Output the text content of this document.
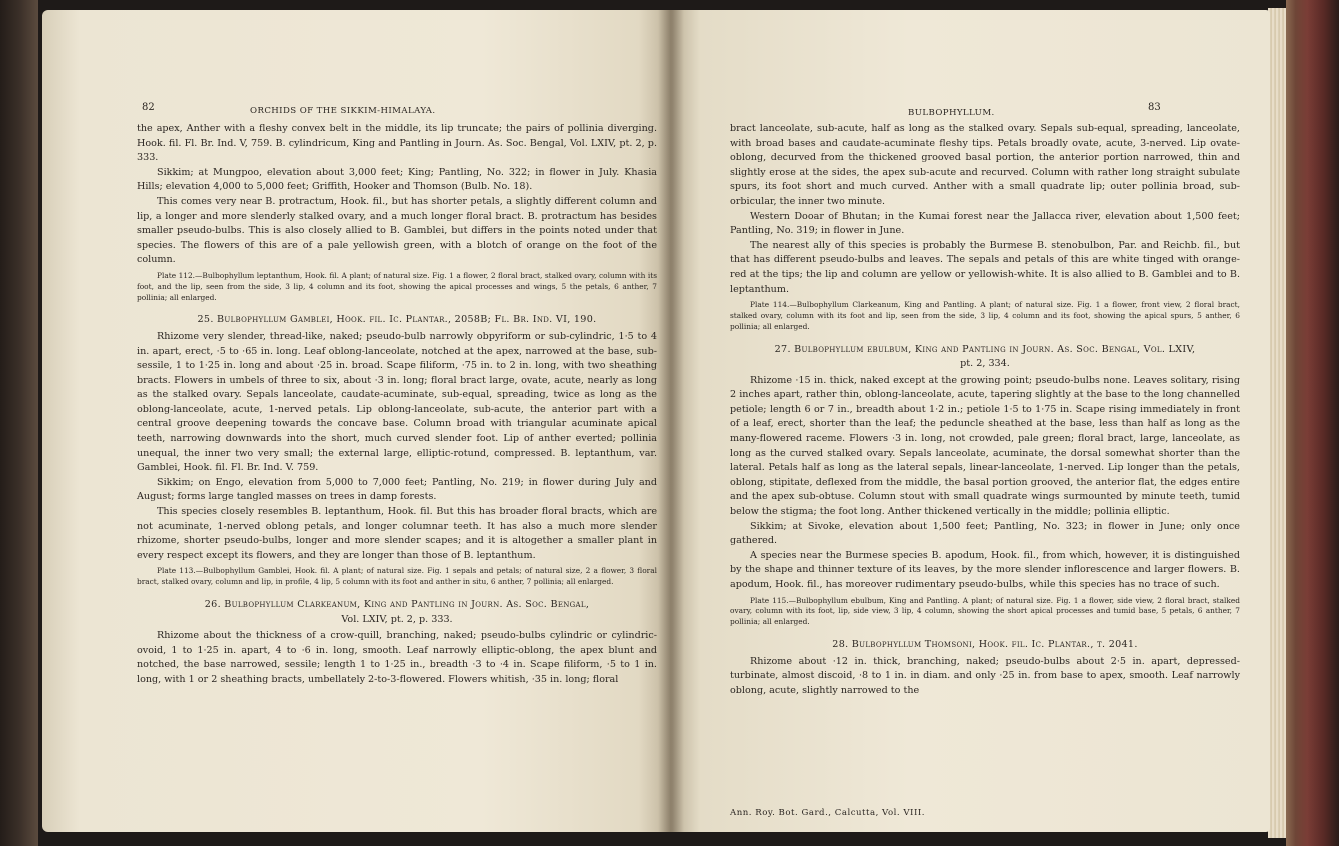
82	ORCHIDS OF THE SIKKIM-HIMALAYA.

the apex, Anther with a fleshy convex belt in the middle, its lip truncate; the pairs of pollinia diverging. Hook. fil. Fl. Br. Ind. V, 759. B. cylindricum, King and Pantling in Journ. As. Soc. Bengal, Vol. LXIV, pt. 2, p. 333.

Sikkim; at Mungpoo, elevation about 3,000 feet; King; Pantling, No. 322; in flower in July. Khasia Hills; elevation 4,000 to 5,000 feet; Griffith, Hooker and Thomson (Bulb. No. 18).

This comes very near B. protractum, Hook. fil., but has shorter petals, a slightly different column and lip, a longer and more slenderly stalked ovary, and a much longer floral bract. B. protractum has besides smaller pseudo-bulbs. This is also closely allied to B. Gamblei, but differs in the points noted under that species. The flowers of this are of a pale yellowish green, with a blotch of orange on the foot of the column.

Plate 112.—Bulbophyllum leptanthum, Hook. fil. A plant; of natural size. Fig. 1 a flower, 2 floral bract, stalked ovary, column with its foot, and the lip, seen from the side, 3 lip, 4 column and its foot, showing the apical processes and wings, 5 the petals, 6 anther, 7 pollinia; all enlarged.

25. Bulbophyllum Gamblei, Hook. fil. Ic. Plantar., 2058B; Fl. Br. Ind. VI, 190.

Rhizome very slender, thread-like, naked; pseudo-bulb narrowly obpyriform or sub-cylindric, 1·5 to 4 in. apart, erect, ·5 to ·65 in. long. Leaf oblong-lanceolate, notched at the apex, narrowed at the base, sub-sessile, 1 to 1·25 in. long and about ·25 in. broad. Scape filiform, ·75 in. to 2 in. long, with two sheathing bracts. Flowers in umbels of three to six, about ·3 in. long; floral bract large, ovate, acute, nearly as long as the stalked ovary. Sepals lanceolate, caudate-acuminate, sub-equal, spreading, twice as long as the oblong-lanceolate, acute, 1-nerved petals. Lip oblong-lanceolate, sub-acute, the anterior part with a central groove deepening towards the concave base. Column broad with triangular acuminate apical teeth, narrowing downwards into the short, much curved slender foot. Lip of anther everted; pollinia unequal, the inner two very small; the external large, elliptic-rotund, compressed. B. leptanthum, var. Gamblei, Hook. fil. Fl. Br. Ind. V. 759.

Sikkim; on Engo, elevation from 5,000 to 7,000 feet; Pantling, No. 219; in flower during July and August; forms large tangled masses on trees in damp forests.

This species closely resembles B. leptanthum, Hook. fil. But this has broader floral bracts, which are not acuminate, 1-nerved oblong petals, and longer columnar teeth. It has also a much more slender rhizome, shorter pseudo-bulbs, longer and more slender scapes; and it is altogether a smaller plant in every respect except its flowers, and they are longer than those of B. leptanthum.

Plate 113.—Bulbophyllum Gamblei, Hook. fil. A plant; of natural size. Fig. 1 sepals and petals; of natural size, 2 a flower, 3 floral bract, stalked ovary, column and lip, in profile, 4 lip, 5 column with its foot and anther in situ, 6 anther, 7 pollinia; all enlarged.

26. Bulbophyllum Clarkeanum, King and Pantling in Journ. As. Soc. Bengal,
Vol. LXIV, pt. 2, p. 333.

Rhizome about the thickness of a crow-quill, branching, naked; pseudo-bulbs cylindric or cylindric-ovoid, 1 to 1·25 in. apart, 4 to ·6 in. long, smooth. Leaf narrowly elliptic-oblong, the apex blunt and notched, the base narrowed, sessile; length 1 to 1·25 in., breadth ·3 to ·4 in. Scape filiform, ·5 to 1 in. long, with 1 or 2 sheathing bracts, umbellately 2-to-3-flowered. Flowers whitish, ·35 in. long; floral

BULBOPHYLLUM.	83

bract lanceolate, sub-acute, half as long as the stalked ovary. Sepals sub-equal, spreading, lanceolate, with broad bases and caudate-acuminate fleshy tips. Petals broadly ovate, acute, 3-nerved. Lip ovate-oblong, decurved from the thickened grooved basal portion, the anterior portion narrowed, thin and slightly erose at the sides, the apex sub-acute and recurved. Column with rather long straight subulate spurs, its foot short and much curved. Anther with a small quadrate lip; outer pollinia broad, sub-orbicular, the inner two minute.

Western Dooar of Bhutan; in the Kumai forest near the Jallacca river, elevation about 1,500 feet; Pantling, No. 319; in flower in June.

The nearest ally of this species is probably the Burmese B. stenobulbon, Par. and Reichb. fil., but that has different pseudo-bulbs and leaves. The sepals and petals of this are white tinged with orange-red at the tips; the lip and column are yellow or yellowish-white. It is also allied to B. Gamblei and to B. leptanthum.

Plate 114.—Bulbophyllum Clarkeanum, King and Pantling. A plant; of natural size. Fig. 1 a flower, front view, 2 floral bract, stalked ovary, column with its foot and lip, seen from the side, 3 lip, 4 column and its foot, showing the apical spurs, 5 anther, 6 pollinia; all enlarged.

27. Bulbophyllum ebulbum, King and Pantling in Journ. As. Soc. Bengal, Vol. LXIV,
pt. 2, 334.

Rhizome ·15 in. thick, naked except at the growing point; pseudo-bulbs none. Leaves solitary, rising 2 inches apart, rather thin, oblong-lanceolate, acute, tapering slightly at the base to the long channelled petiole; length 6 or 7 in., breadth about 1·2 in.; petiole 1·5 to 1·75 in. Scape rising immediately in front of a leaf, erect, shorter than the leaf; the peduncle sheathed at the base, less than half as long as the many-flowered raceme. Flowers ·3 in. long, not crowded, pale green; floral bract, large, lanceolate, as long as the curved stalked ovary. Sepals lanceolate, acuminate, the dorsal somewhat shorter than the lateral. Petals half as long as the lateral sepals, linear-lanceolate, 1-nerved. Lip longer than the petals, oblong, stipitate, deflexed from the middle, the basal portion grooved, the anterior flat, the edges entire and the apex sub-obtuse. Column stout with small quadrate wings surmounted by minute teeth, tumid below the stigma; the foot long. Anther thickened vertically in the middle; pollinia elliptic.

Sikkim; at Sivoke, elevation about 1,500 feet; Pantling, No. 323; in flower in June; only once gathered.

A species near the Burmese species B. apodum, Hook. fil., from which, however, it is distinguished by the shape and thinner texture of its leaves, by the more slender inflorescence and larger flowers. B. apodum, Hook. fil., has moreover rudimentary pseudo-bulbs, while this species has no trace of such.

Plate 115.—Bulbophyllum ebulbum, King and Pantling. A plant; of natural size. Fig. 1 a flower, side view, 2 floral bract, stalked ovary, column with its foot, lip, side view, 3 lip, 4 column, showing the short apical processes and tumid base, 5 petals, 6 anther, 7 pollinia; all enlarged.

28. Bulbophyllum Thomsoni, Hook. fil. Ic. Plantar., t. 2041.

Rhizome about ·12 in. thick, branching, naked; pseudo-bulbs about 2·5 in. apart, depressed-turbinate, almost discoid, ·8 to 1 in. in diam. and only ·25 in. from base to apex, smooth. Leaf narrowly oblong, acute, slightly narrowed to the

Ann. Roy. Bot. Gard., Calcutta, Vol. VIII.
